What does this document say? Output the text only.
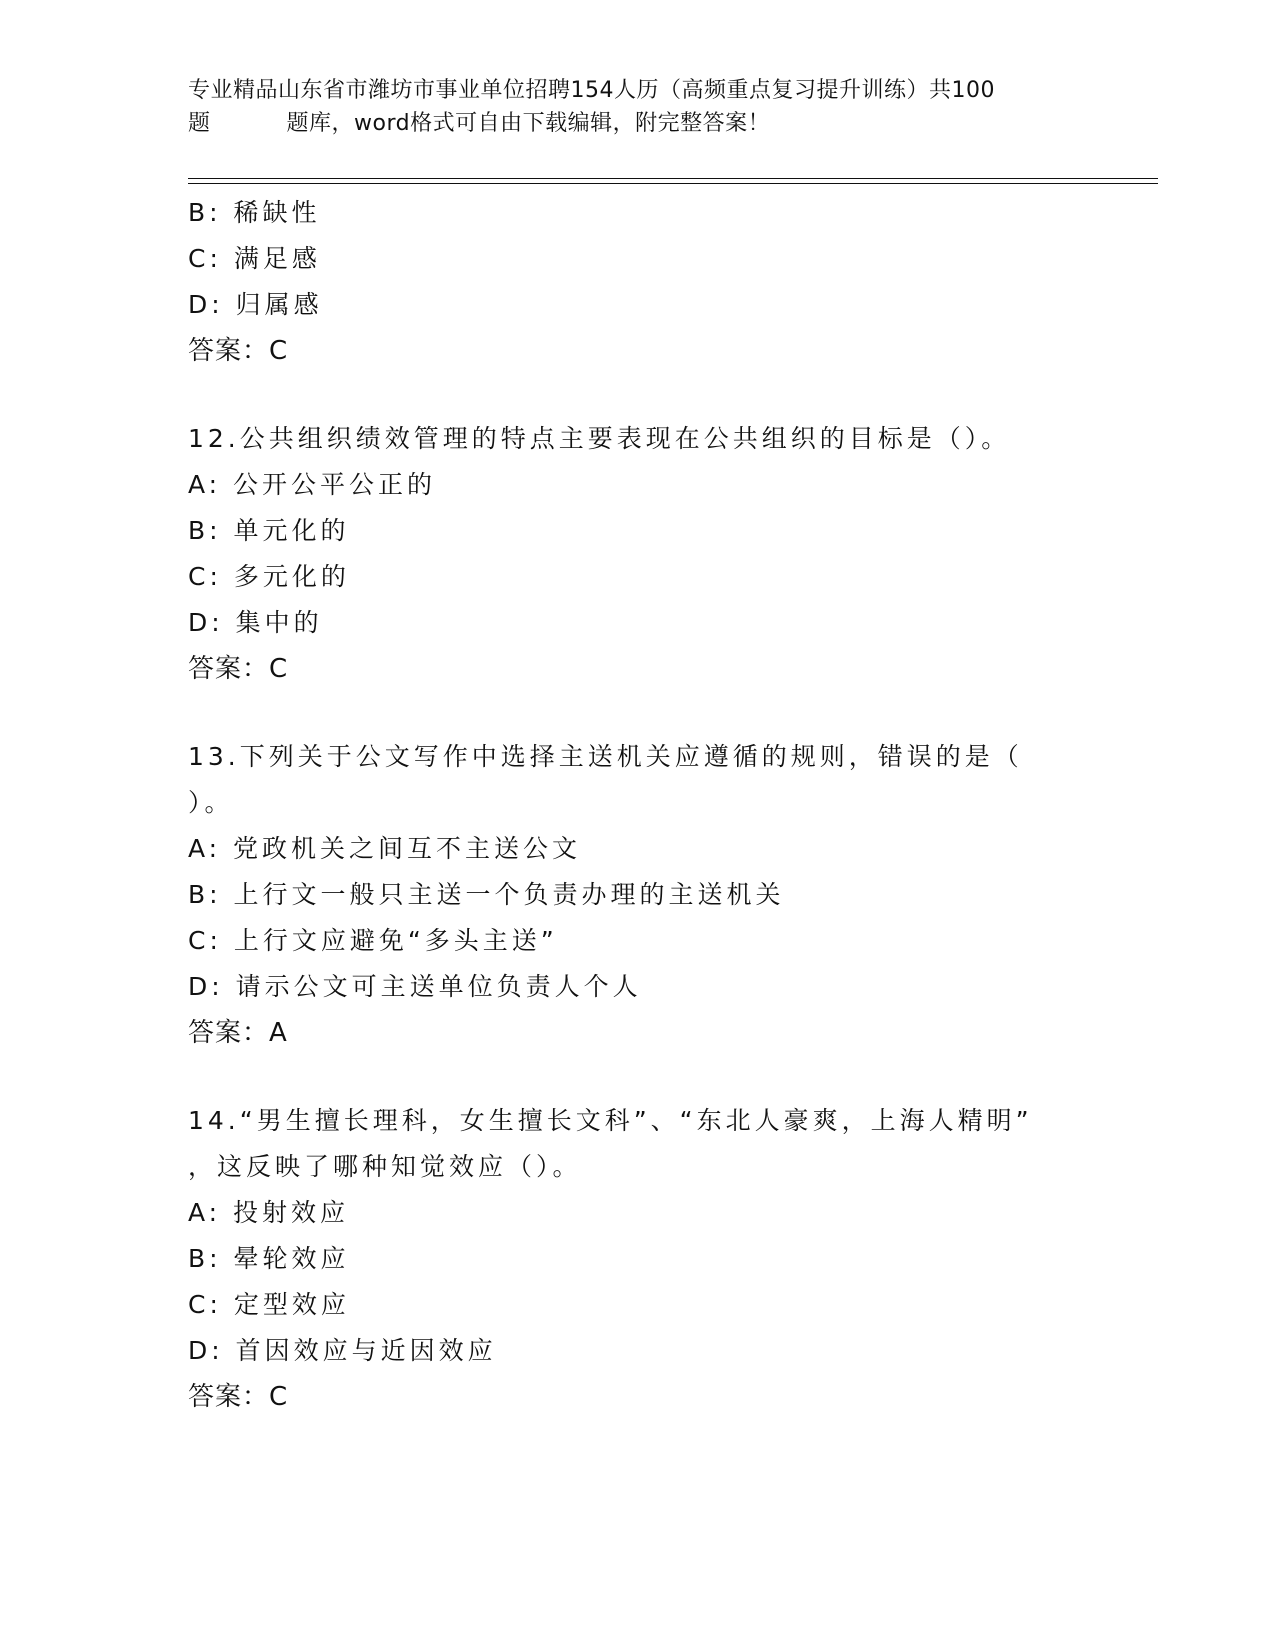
专业精品山东省市潍坊市事业单位招聘154人历（高频重点复习提升训练）共100
题	题库，word格式可自由下载编辑，附完整答案！
B: 稀缺性
C: 满足感
D: 归属感
答案：C
12.公共组织绩效管理的特点主要表现在公共组织的目标是（）。
A: 公开公平公正的
B: 单元化的
C: 多元化的
D: 集中的
答案：C
13.下列关于公文写作中选择主送机关应遵循的规则，错误的是（
）。
A: 党政机关之间互不主送公文
B: 上行文一般只主送一个负责办理的主送机关
C: 上行文应避免“多头主送”
D: 请示公文可主送单位负责人个人
答案：A
14.“男生擅长理科，女生擅长文科”、“东北人豪爽，上海人精明”
，这反映了哪种知觉效应（）。
A: 投射效应
B: 晕轮效应
C: 定型效应
D: 首因效应与近因效应
答案：C
